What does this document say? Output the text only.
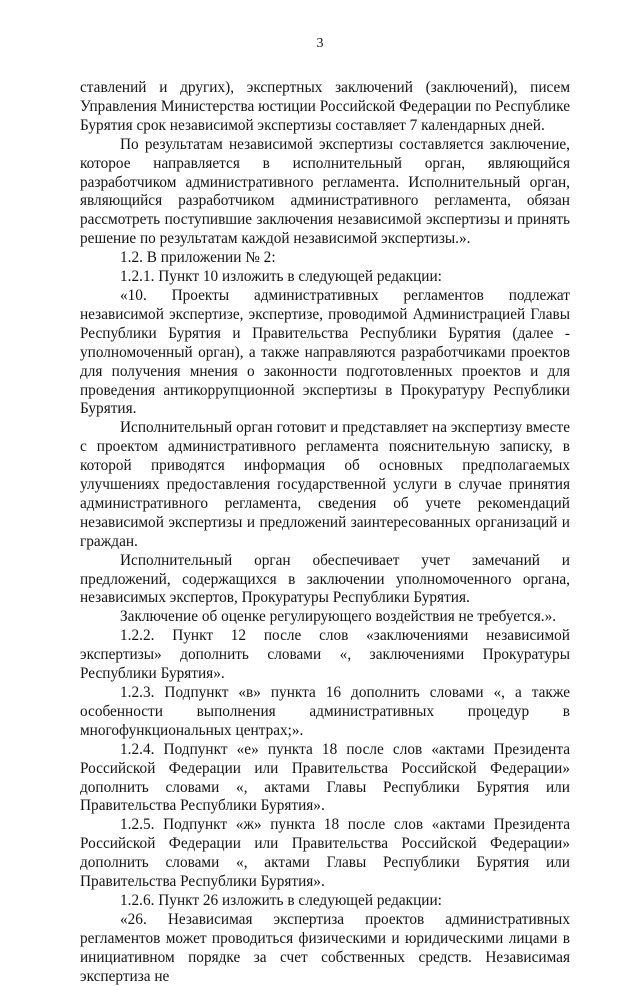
3

ставлений и других), экспертных заключений (заключений), писем Управления Министерства юстиции Российской Федерации по Республике Бурятия срок независимой экспертизы составляет 7 календарных дней.

По результатам независимой экспертизы составляется заключение, которое направляется в исполнительный орган, являющийся разработчиком административного регламента. Исполнительный орган, являющийся разработчиком административного регламента, обязан рассмотреть поступившие заключения независимой экспертизы и принять решение по результатам каждой независимой экспертизы.».

1.2. В приложении № 2:

1.2.1. Пункт 10 изложить в следующей редакции:

«10. Проекты административных регламентов подлежат независимой экспертизе, экспертизе, проводимой Администрацией Главы Республики Бурятия и Правительства Республики Бурятия (далее - уполномоченный орган), а также направляются разработчиками проектов для получения мнения о законности подготовленных проектов и для проведения антикоррупционной экспертизы в Прокуратуру Республики Бурятия.

Исполнительный орган готовит и представляет на экспертизу вместе с проектом административного регламента пояснительную записку, в которой приводятся информация об основных предполагаемых улучшениях предоставления государственной услуги в случае принятия административного регламента, сведения об учете рекомендаций независимой экспертизы и предложений заинтересованных организаций и граждан.

Исполнительный орган обеспечивает учет замечаний и предложений, содержащихся в заключении уполномоченного органа, независимых экспертов, Прокуратуры Республики Бурятия.

Заключение об оценке регулирующего воздействия не требуется.».

1.2.2. Пункт 12 после слов «заключениями независимой экспертизы» дополнить словами «, заключениями Прокуратуры Республики Бурятия».

1.2.3. Подпункт «в» пункта 16 дополнить словами «, а также особенности выполнения административных процедур в многофункциональных центрах;».

1.2.4. Подпункт «е» пункта 18 после слов «актами Президента Российской Федерации или Правительства Российской Федерации» дополнить словами «, актами Главы Республики Бурятия или Правительства Республики Бурятия».

1.2.5. Подпункт «ж» пункта 18 после слов «актами Президента Российской Федерации или Правительства Российской Федерации» дополнить словами «, актами Главы Республики Бурятия или Правительства Республики Бурятия».

1.2.6. Пункт 26 изложить в следующей редакции:

«26. Независимая экспертиза проектов административных регламентов может проводиться физическими и юридическими лицами в инициативном порядке за счет собственных средств. Независимая экспертиза не
